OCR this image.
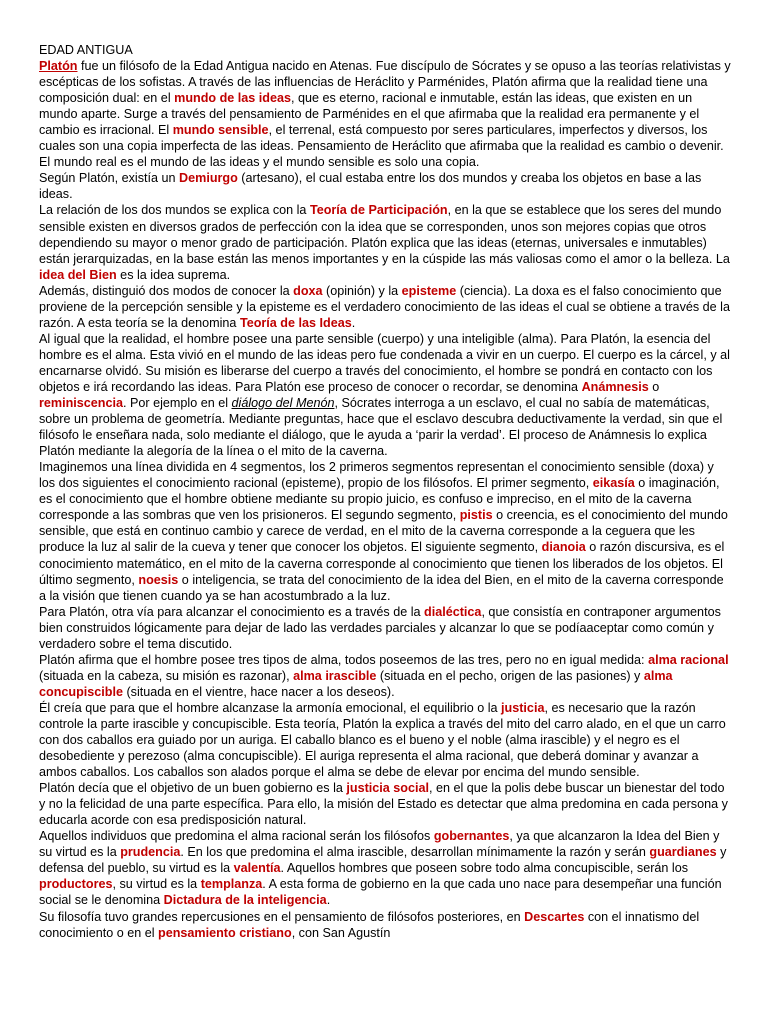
EDAD ANTIGUA

Platón fue un filósofo de la Edad Antigua nacido en Atenas. Fue discípulo de Sócrates y se opuso a las teorías relativistas y escépticas de los sofistas. A través de las influencias de Heráclito y Parménides, Platón afirma que la realidad tiene una composición dual: en el mundo de las ideas, que es eterno, racional e inmutable, están las ideas, que existen en un mundo aparte. Surge a través del pensamiento de Parménides en el que afirmaba que la realidad era permanente y el cambio es irracional. El mundo sensible, el terrenal, está compuesto por seres particulares, imperfectos y diversos, los cuales son una copia imperfecta de las ideas. Pensamiento de Heráclito que afirmaba que la realidad es cambio o devenir. El mundo real es el mundo de las ideas y el mundo sensible es solo una copia.

Según Platón, existía un Demiurgo (artesano), el cual estaba entre los dos mundos y creaba los objetos en base a las ideas.

La relación de los dos mundos se explica con la Teoría de Participación, en la que se establece que los seres del mundo sensible existen en diversos grados de perfección con la idea que se corresponden, unos son mejores copias que otros dependiendo su mayor o menor grado de participación. Platón explica que las ideas (eternas, universales e inmutables) están jerarquizadas, en la base están las menos importantes y en la cúspide las más valiosas como el amor o la belleza. La idea del Bien es la idea suprema.

Además, distinguió dos modos de conocer la doxa (opinión) y la episteme (ciencia). La doxa es el falso conocimiento que proviene de la percepción sensible y la episteme es el verdadero conocimiento de las ideas el cual se obtiene a través de la razón. A esta teoría se la denomina Teoría de las Ideas.

Al igual que la realidad, el hombre posee una parte sensible (cuerpo) y una inteligible (alma). Para Platón, la esencia del hombre es el alma. Esta vivió en el mundo de las ideas pero fue condenada a vivir en un cuerpo. El cuerpo es la cárcel, y al encarnarse olvidó. Su misión es liberarse del cuerpo a través del conocimiento, el hombre se pondrá en contacto con los objetos e irá recordando las ideas. Para Platón ese proceso de conocer o recordar, se denomina Anámnesis o reminiscencia. Por ejemplo en el diálogo del Menón, Sócrates interroga a un esclavo, el cual no sabía de matemáticas, sobre un problema de geometría. Mediante preguntas, hace que el esclavo descubra deductivamente la verdad, sin que el filósofo le enseñara nada, solo mediante el diálogo, que le ayuda a ‘parir la verdad’. El proceso de Anámnesis lo explica Platón mediante la alegoría de la línea o el mito de la caverna.

Imaginemos una línea dividida en 4 segmentos, los 2 primeros segmentos representan el conocimiento sensible (doxa) y los dos siguientes el conocimiento racional (episteme), propio de los filósofos. El primer segmento, eikasía o imaginación, es el conocimiento que el hombre obtiene mediante su propio juicio, es confuso e impreciso, en el mito de la caverna corresponde a las sombras que ven los prisioneros. El segundo segmento, pistis o creencia, es el conocimiento del mundo sensible, que está en continuo cambio y carece de verdad, en el mito de la caverna corresponde a la ceguera que les produce la luz al salir de la cueva y tener que conocer los objetos. El siguiente segmento, dianoia o razón discursiva, es el conocimiento matemático, en el mito de la caverna corresponde al conocimiento que tienen los liberados de los objetos. El último segmento, noesis o inteligencia, se trata del conocimiento de la idea del Bien, en el mito de la caverna corresponde a la visión que tienen cuando ya se han acostumbrado a la luz.

Para Platón, otra vía para alcanzar el conocimiento es a través de la dialéctica, que consistía en contraponer argumentos bien construidos lógicamente para dejar de lado las verdades parciales y alcanzar lo que se podíaaceptar como común y verdadero sobre el tema discutido.

Platón afirma que el hombre posee tres tipos de alma, todos poseemos de las tres, pero no en igual medida: alma racional (situada en la cabeza, su misión es razonar), alma irascible (situada en el pecho, origen de las pasiones) y alma concupiscible (situada en el vientre, hace nacer a los deseos).

Él creía que para que el hombre alcanzase la armonía emocional, el equilibrio o la justicia, es necesario que la razón controle la parte irascible y concupiscible. Esta teoría, Platón la explica a través del mito del carro alado, en el que un carro con dos caballos era guiado por un auriga. El caballo blanco es el bueno y el noble (alma irascible) y el negro es el desobediente y perezoso (alma concupiscible). El auriga representa el alma racional, que deberá dominar y avanzar a ambos caballos. Los caballos son alados porque el alma se debe de elevar por encima del mundo sensible.

Platón decía que el objetivo de un buen gobierno es la justicia social, en el que la polis debe buscar un bienestar del todo y no la felicidad de una parte específica. Para ello, la misión del Estado es detectar que alma predomina en cada persona y educarla acorde con esa predisposición natural.

Aquellos individuos que predomina el alma racional serán los filósofos gobernantes, ya que alcanzaron la Idea del Bien y su virtud es la prudencia. En los que predomina el alma irascible, desarrollan mínimamente la razón y serán guardianes y defensa del pueblo, su virtud es la valentía. Aquellos hombres que poseen sobre todo alma concupiscible, serán los productores, su virtud es la templanza. A esta forma de gobierno en la que cada uno nace para desempeñar una función social se le denomina Dictadura de la inteligencia.

Su filosofía tuvo grandes repercusiones en el pensamiento de filósofos posteriores, en Descartes con el innatismo del conocimiento o en el pensamiento cristiano, con San Agustín
